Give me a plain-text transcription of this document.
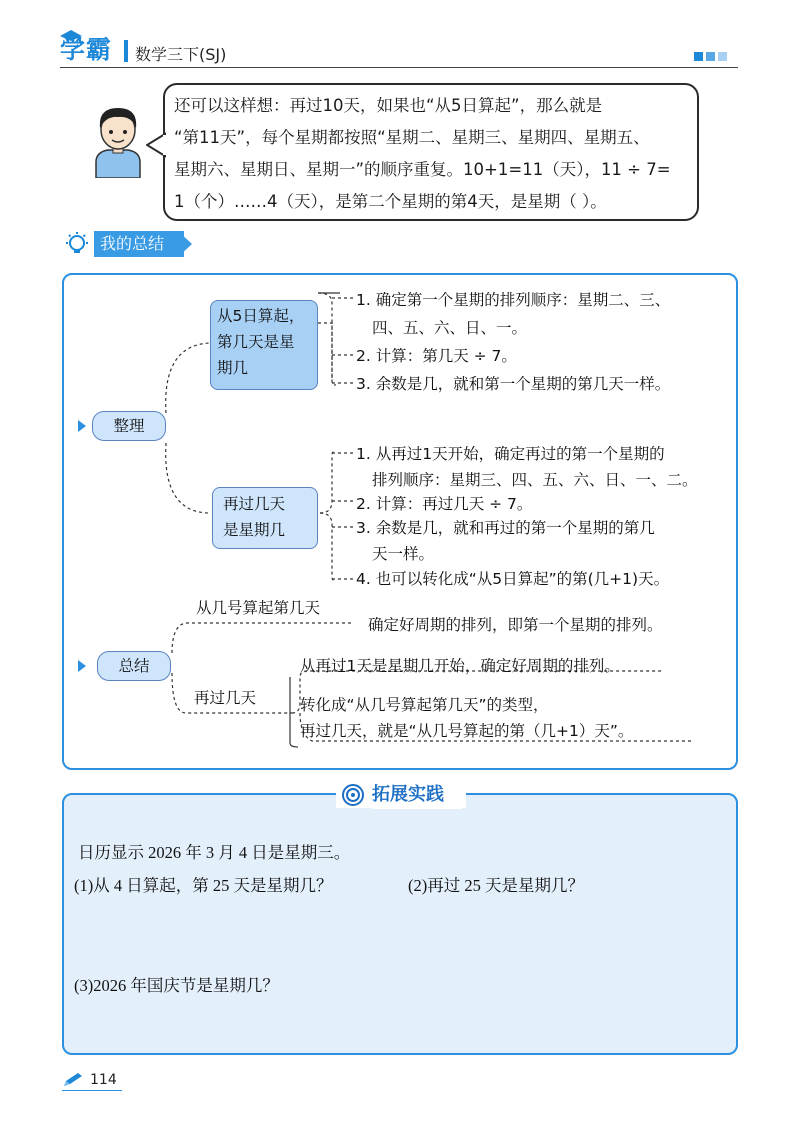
学霸 数学三下(SJ)
还可以这样想：再过10天，如果也“从5日算起”，那么就是
“第11天”，每个星期都按照“星期二、星期三、星期四、星期五、
星期六、星期日、星期一”的顺序重复。10+1=11（天），11 ÷ 7=
1（个）……4（天），是第二个星期的第4天，是星期（ ）。
我的总结
整理
从5日算起，
第几天是星
期几
1. 确定第一个星期的排列顺序：星期二、三、
四、五、六、日、一。
2. 计算：第几天 ÷ 7。
3. 余数是几，就和第一个星期的第几天一样。
再过几天
是星期几
1. 从再过1天开始，确定再过的第一个星期的
排列顺序：星期三、四、五、六、日、一、二。
2. 计算：再过几天 ÷ 7。
3. 余数是几，就和再过的第一个星期的第几
天一样。
4. 也可以转化成“从5日算起”的第(几+1)天。
总结
从几号算起第几天
确定好周期的排列，即第一个星期的排列。
再过几天
从再过1天是星期几开始，确定好周期的排列。
转化成“从几号算起第几天”的类型，
再过几天，就是“从几号算起的第（几+1）天”。
拓展实践
日历显示 2026 年 3 月 4 日是星期三。
(1)从 4 日算起，第 25 天是星期几？	(2)再过 25 天是星期几？
(3)2026 年国庆节是星期几？
114
